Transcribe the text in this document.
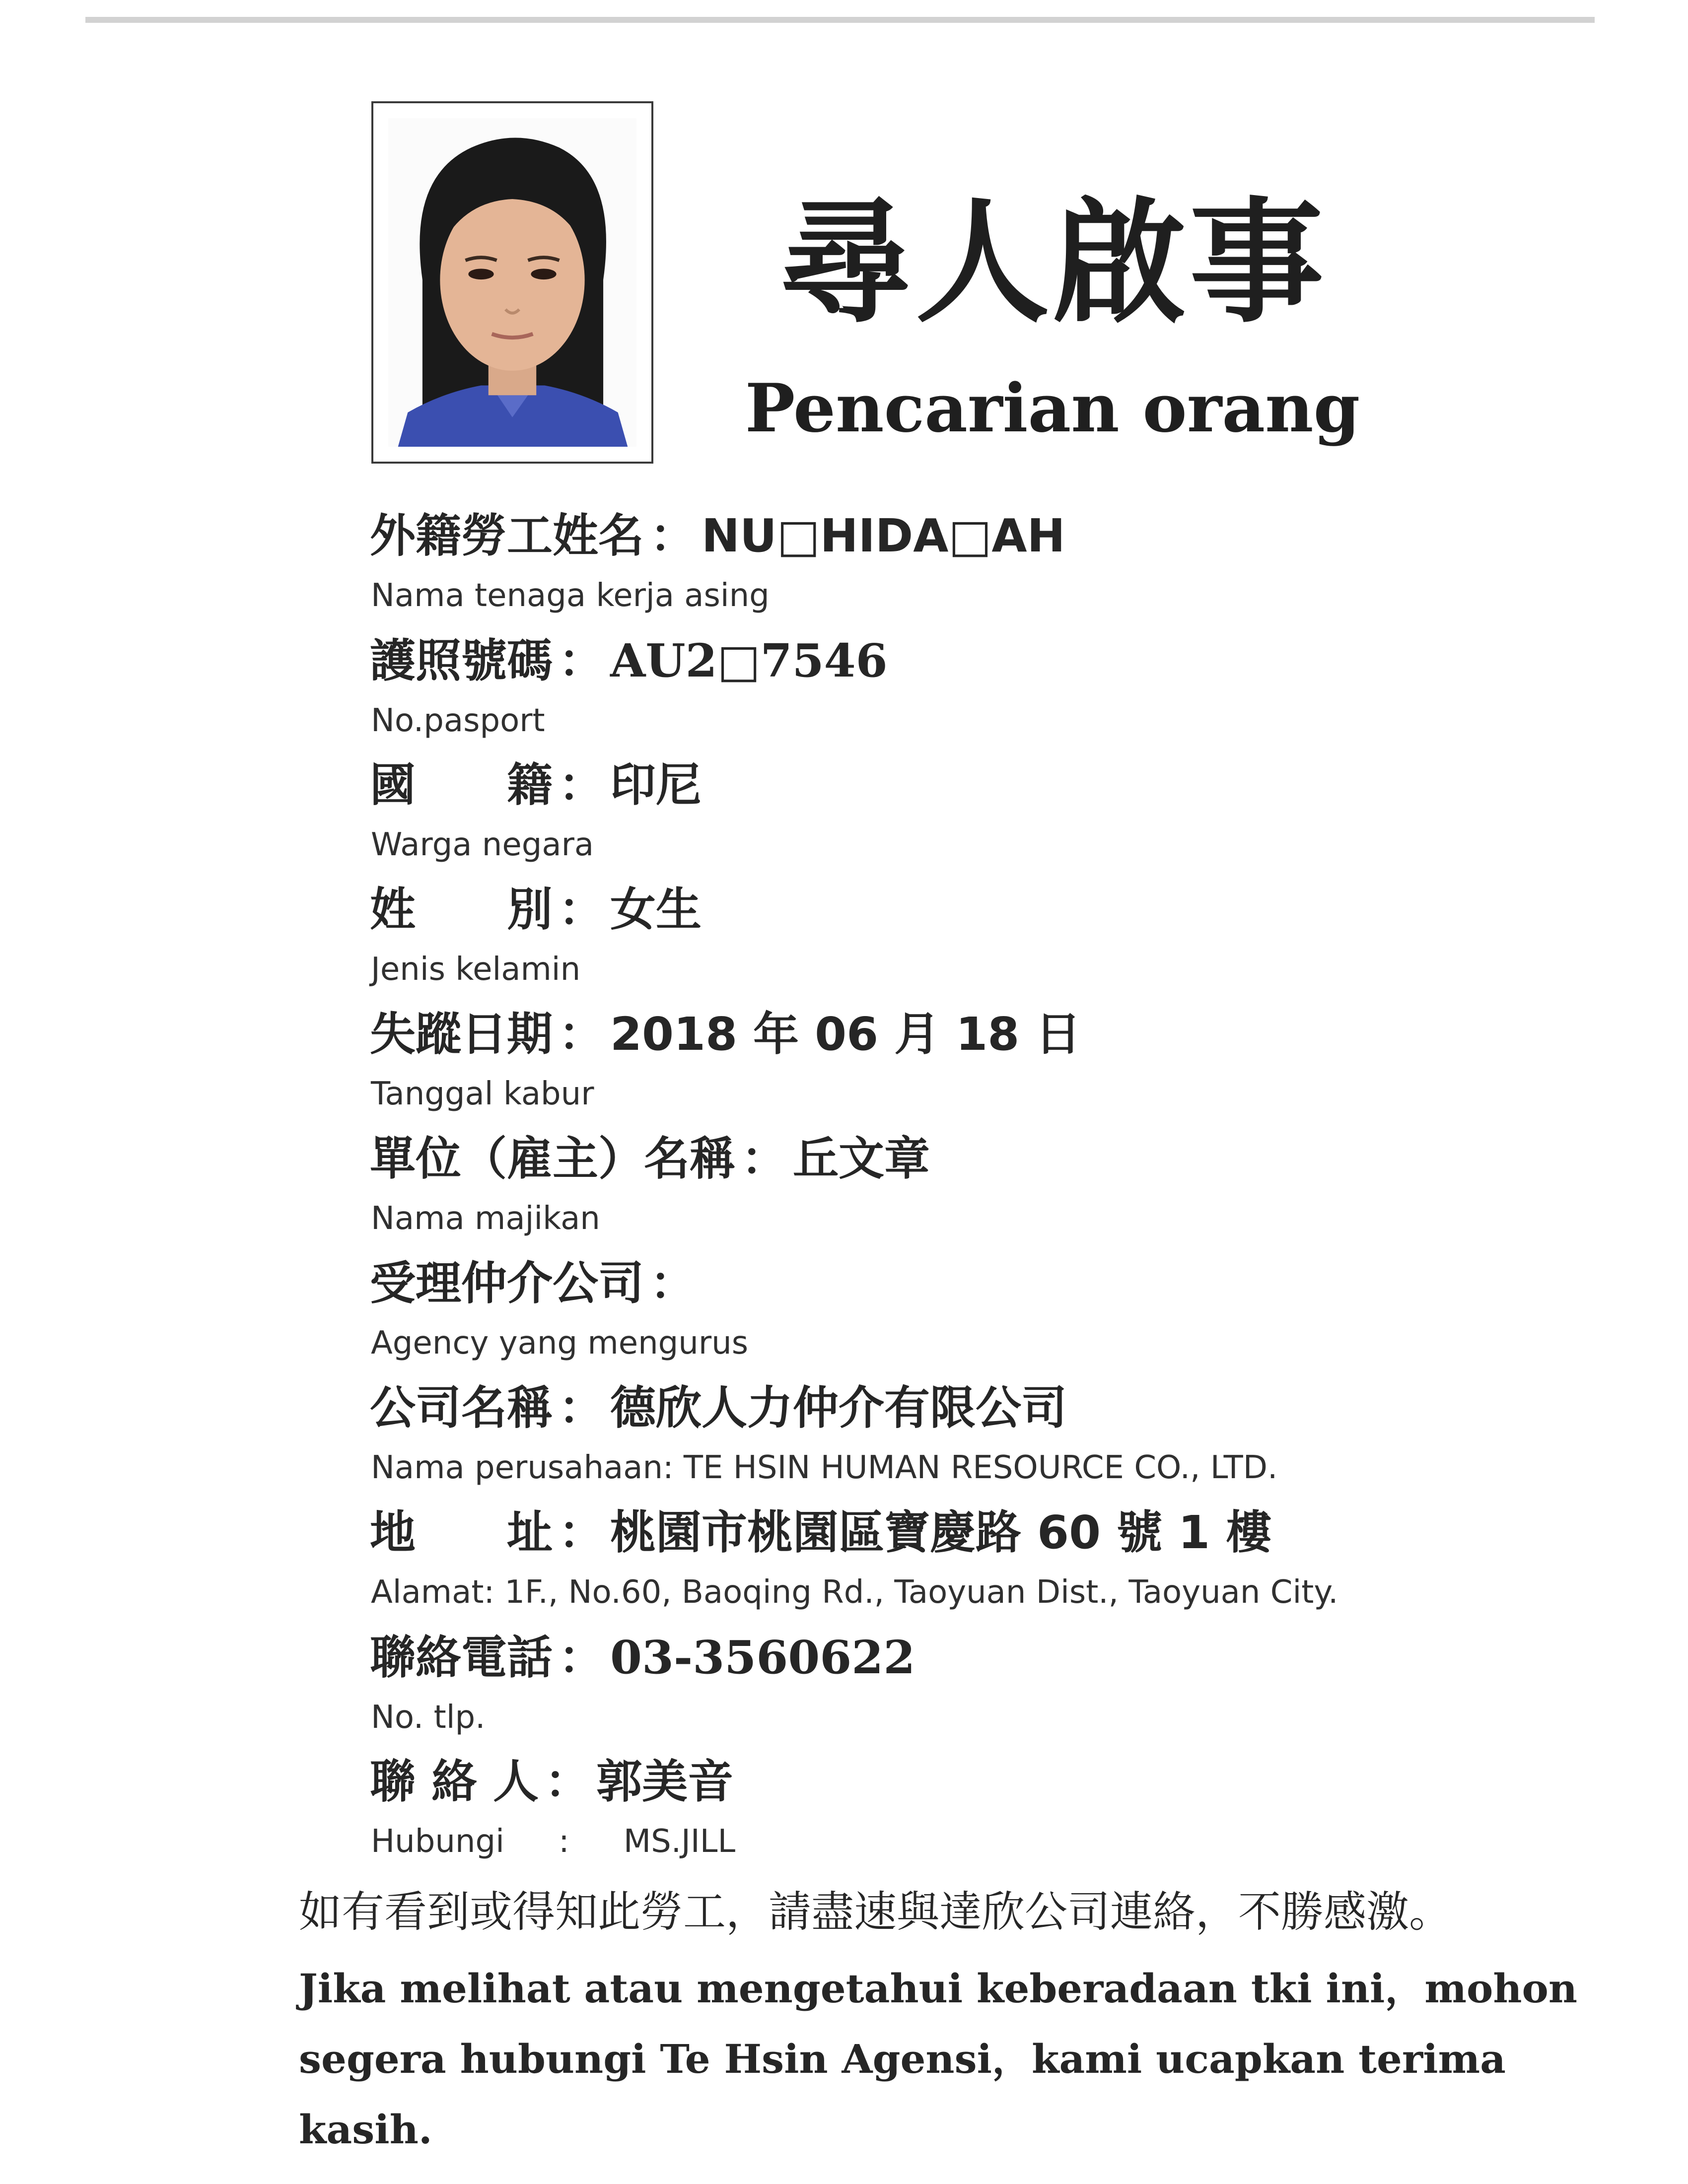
尋人啟事
Pencarian orang
外籍勞工姓名 ： NU□HIDA□AH
Nama tenaga kerja asing
護照號碼 ： AU2□7546
No.pasport
國　　籍 ： 印尼
Warga negara
姓　　別 ： 女生
Jenis kelamin
失蹤日期 ： 2018 年 06 月 18 日
Tanggal kabur
單位（雇主）名稱 ： 丘文章
Nama majikan
受理仲介公司 ：
Agency yang mengurus
公司名稱 ： 德欣人力仲介有限公司
Nama perusahaan: TE HSIN HUMAN RESOURCE CO., LTD.
地　　址 ： 桃園市桃園區寶慶路 60 號 1 樓
Alamat: 1F., No.60, Baoqing Rd., Taoyuan Dist., Taoyuan City.
聯絡電話 ： 03-3560622
No. tlp.
聯 絡 人 ： 郭美音
Hubungi : MS.JILL
如有看到或得知此勞工，請盡速與達欣公司連絡，不勝感激。
Jika melihat atau mengetahui keberadaan tki ini，mohon segera hubungi Te Hsin Agensi，kami ucapkan terima kasih.
